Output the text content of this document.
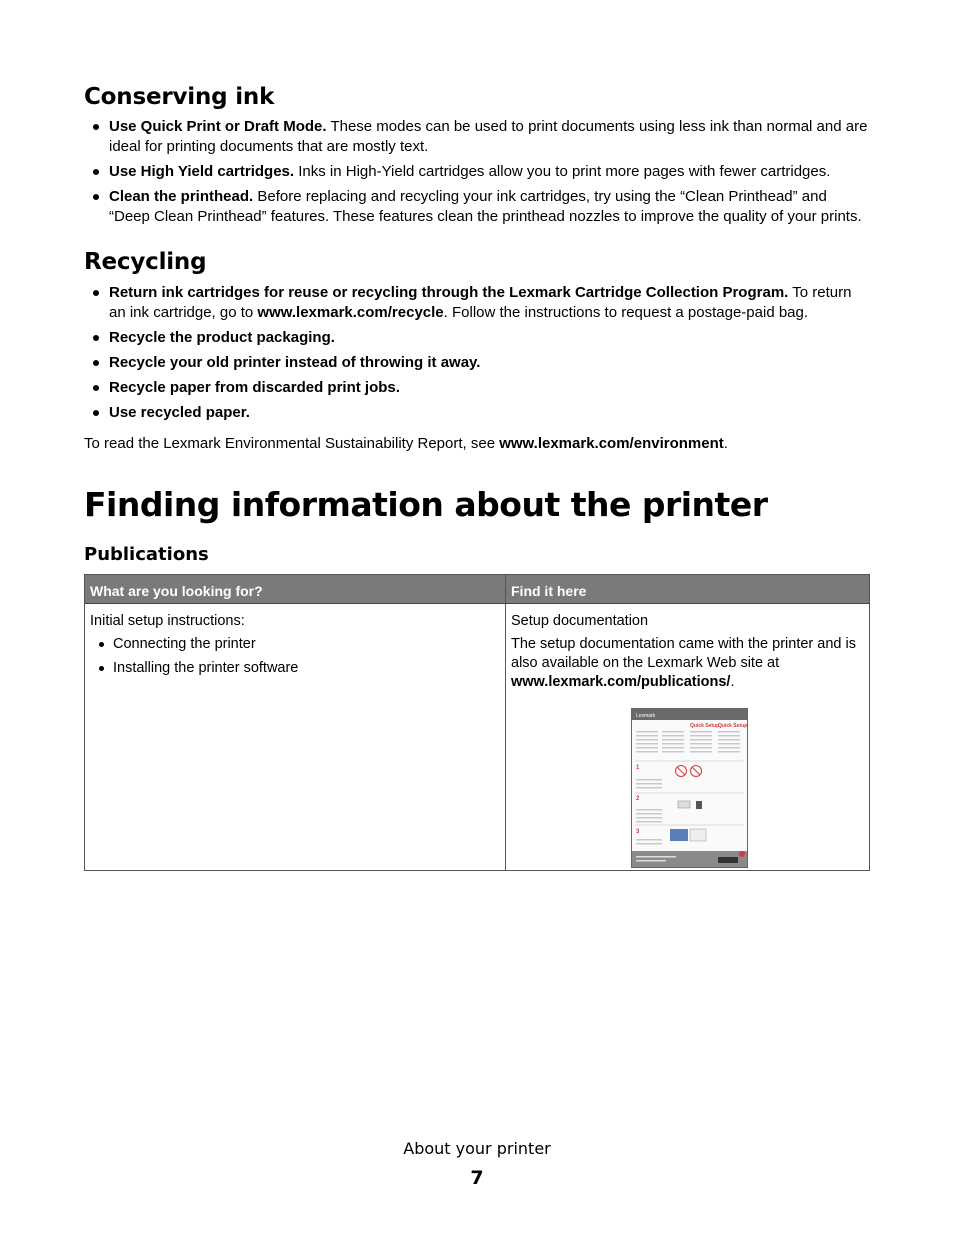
Conserving ink
Use Quick Print or Draft Mode. These modes can be used to print documents using less ink than normal and are ideal for printing documents that are mostly text.
Use High Yield cartridges. Inks in High-Yield cartridges allow you to print more pages with fewer cartridges.
Clean the printhead. Before replacing and recycling your ink cartridges, try using the “Clean Printhead” and “Deep Clean Printhead” features. These features clean the printhead nozzles to improve the quality of your prints.
Recycling
Return ink cartridges for reuse or recycling through the Lexmark Cartridge Collection Program. To return an ink cartridge, go to www.lexmark.com/recycle. Follow the instructions to request a postage-paid bag.
Recycle the product packaging.
Recycle your old printer instead of throwing it away.
Recycle paper from discarded print jobs.
Use recycled paper.
To read the Lexmark Environmental Sustainability Report, see www.lexmark.com/environment.
Finding information about the printer
Publications
What are you looking for?	Find it here
Initial setup instructions:
Connecting the printer
Installing the printer software
Setup documentation
The setup documentation came with the printer and is also available on the Lexmark Web site at www.lexmark.com/publications/.
Lexmark
Quick Setup
Quick Setup
1
2
3
About your printer
7
